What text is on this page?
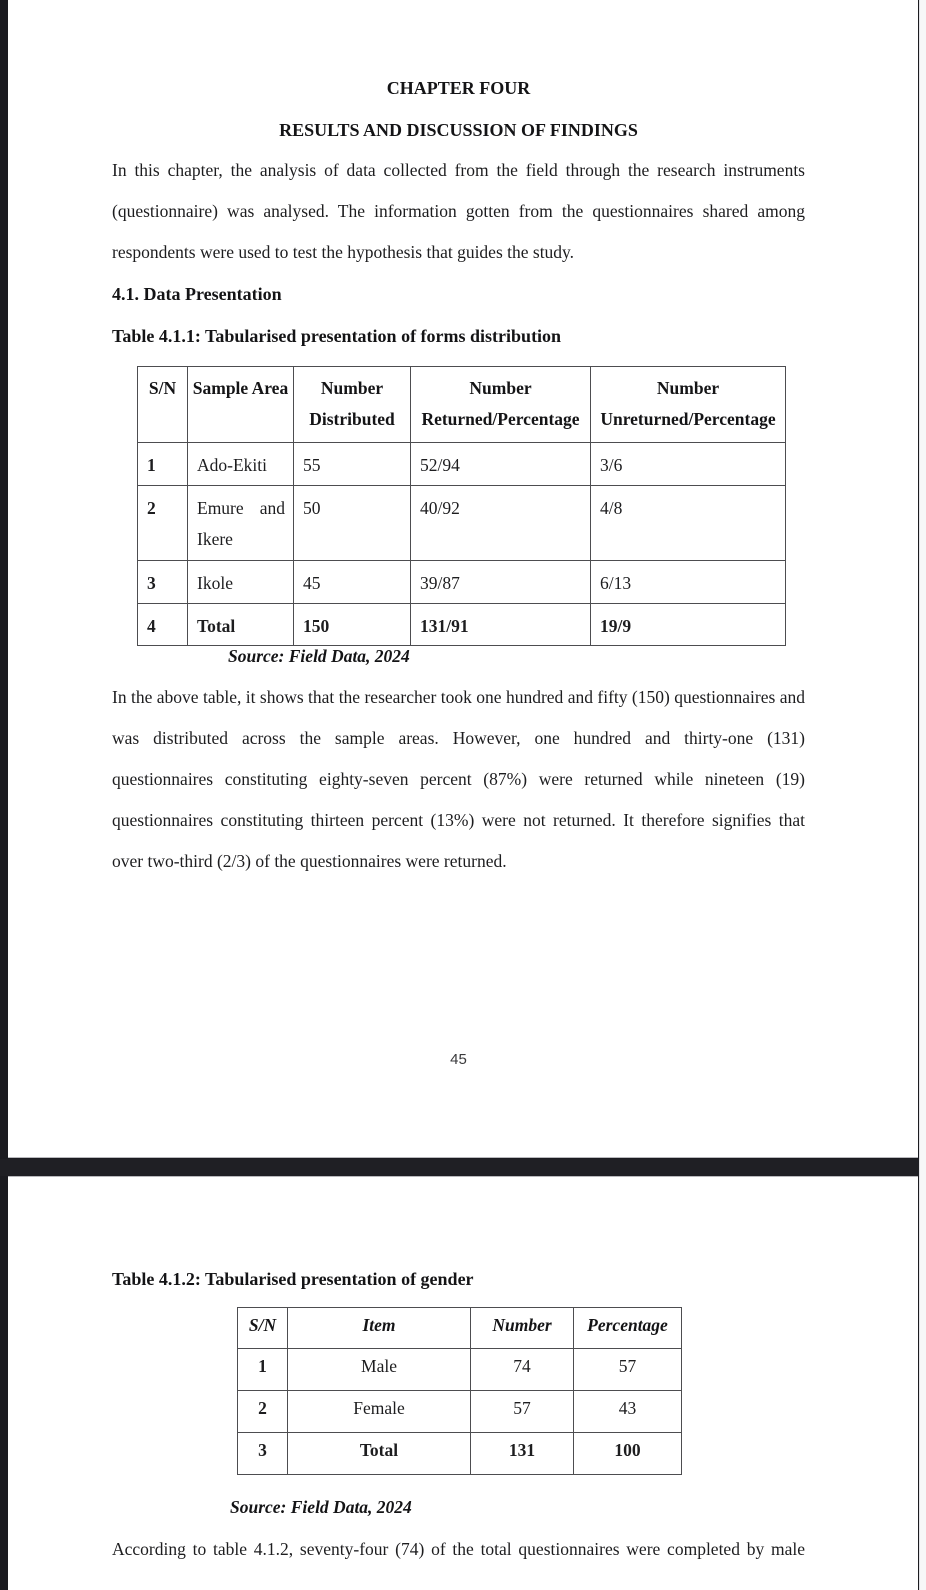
CHAPTER FOUR
RESULTS AND DISCUSSION OF FINDINGS
In this chapter, the analysis of data collected from the field through the research instruments (questionnaire) was analysed. The information gotten from the questionnaires shared among respondents were used to test the hypothesis that guides the study.
4.1. Data Presentation
Table 4.1.1: Tabularised presentation of forms distribution
S/N	Sample Area	Number Distributed	Number Returned/Percentage	Number Unreturned/Percentage
1	Ado-Ekiti	55	52/94	3/6
2	Emure and Ikere	50	40/92	4/8
3	Ikole	45	39/87	6/13
4	Total	150	131/91	19/9
Source: Field Data, 2024
In the above table, it shows that the researcher took one hundred and fifty (150) questionnaires and was distributed across the sample areas. However, one hundred and thirty-one (131) questionnaires constituting eighty-seven percent (87%) were returned while nineteen (19) questionnaires constituting thirteen percent (13%) were not returned. It therefore signifies that over two-third (2/3) of the questionnaires were returned.
45
Table 4.1.2: Tabularised presentation of gender
S/N	Item	Number	Percentage
1	Male	74	57
2	Female	57	43
3	Total	131	100
Source: Field Data, 2024
According to table 4.1.2, seventy-four (74) of the total questionnaires were completed by male
